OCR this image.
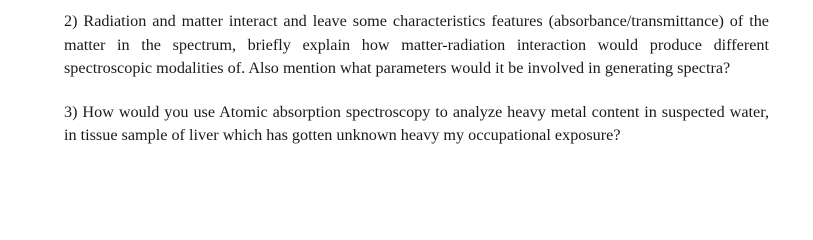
2) Radiation and matter interact and leave some characteristics features (absorbance/transmittance) of the matter in the spectrum, briefly explain how matter-radiation interaction would produce different spectroscopic modalities of. Also mention what parameters would it be involved in generating spectra?

3) How would you use Atomic absorption spectroscopy to analyze heavy metal content in suspected water, in tissue sample of liver which has gotten unknown heavy my occupational exposure?
